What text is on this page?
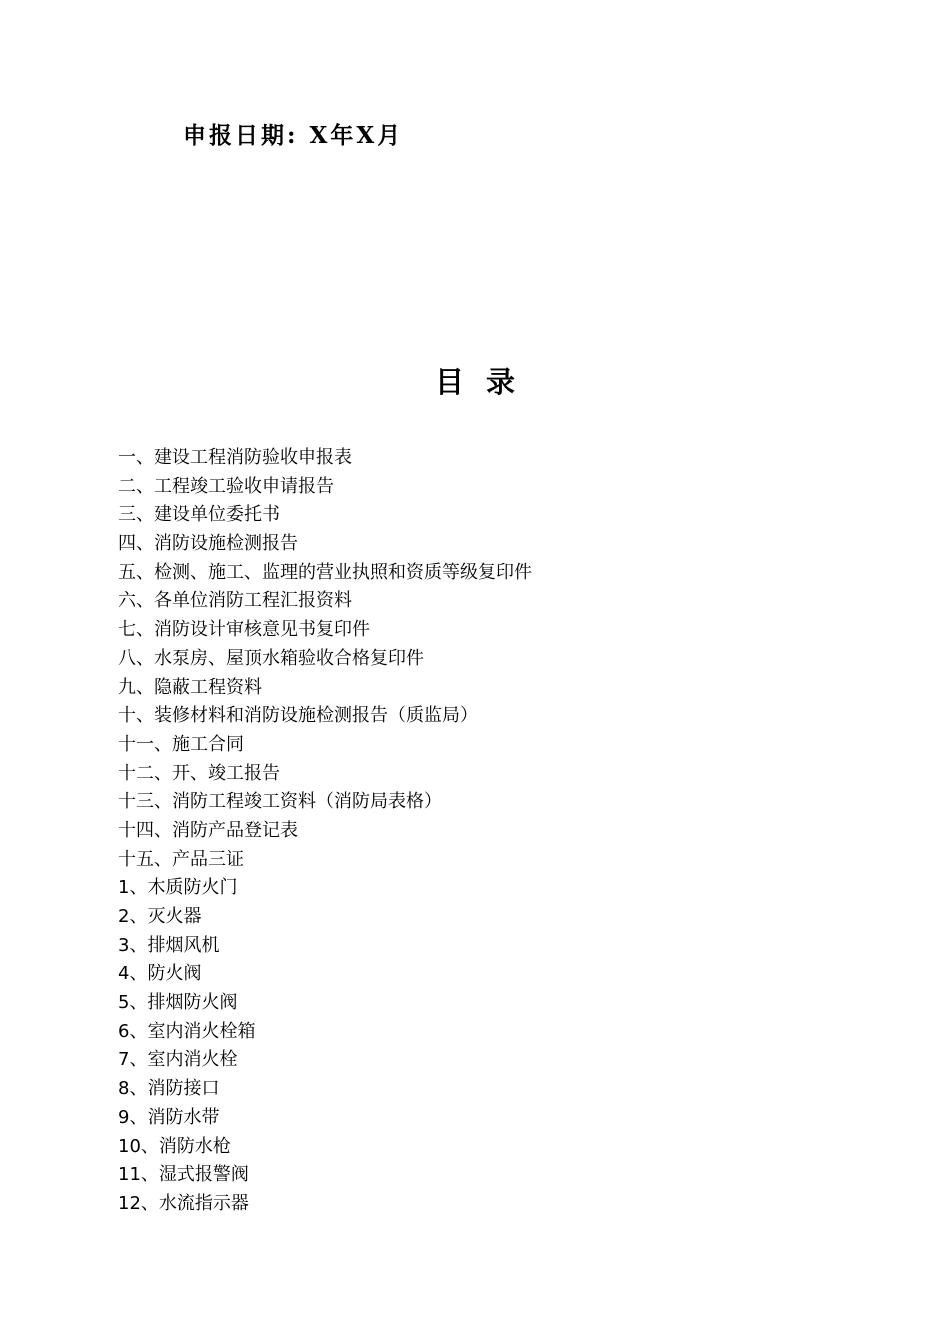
申报日期: X年X月
目录
一、建设工程消防验收申报表
二、工程竣工验收申请报告
三、建设单位委托书
四、消防设施检测报告
五、检测、施工、监理的营业执照和资质等级复印件
六、各单位消防工程汇报资料
七、消防设计审核意见书复印件
八、水泵房、屋顶水箱验收合格复印件
九、隐蔽工程资料
十、装修材料和消防设施检测报告（质监局）
十一、施工合同
十二、开、竣工报告
十三、消防工程竣工资料（消防局表格）
十四、消防产品登记表
十五、产品三证
1、木质防火门
2、灭火器
3、排烟风机
4、防火阀
5、排烟防火阀
6、室内消火栓箱
7、室内消火栓
8、消防接口
9、消防水带
10、消防水枪
11、湿式报警阀
12、水流指示器
